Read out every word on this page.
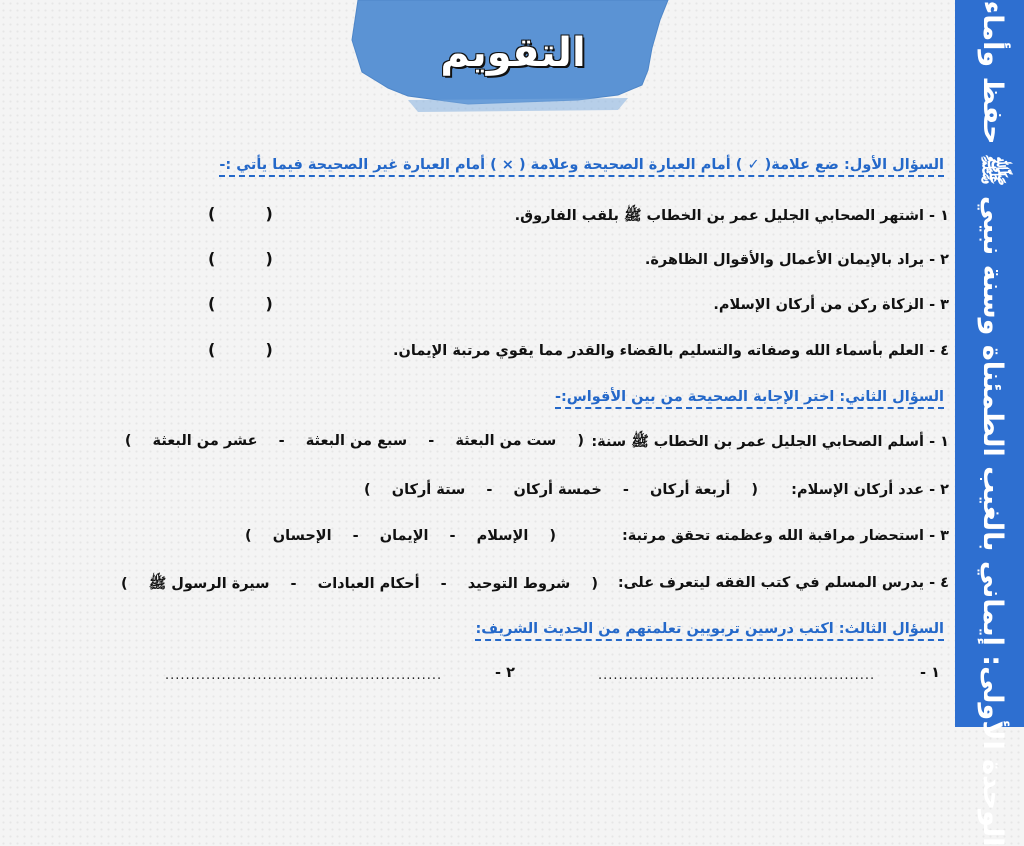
الوحدة الأولى: إيماني بالغيب الطمئناة وسنة نبيي ﷺ حفظ وأماء
التقويم
السؤال الأول: ضع علامة( ✓ ) أمام العبارة الصحيحة وعلامة ( × ) أمام العبارة غير الصحيحة فيما يأتي :-
١ - اشتهر الصحابي الجليل عمر بن الخطاب ﷺ بلقب الفاروق.
(         )
٢ - يراد بالإيمان الأعمال والأقوال الظاهرة.
(         )
٣ - الزكاة ركن من أركان الإسلام.
(         )
٤ - العلم بأسماء الله وصفاته والتسليم بالقضاء والقدر مما يقوي مرتبة الإيمان.
(         )
السؤال الثاني: اختر الإجابة الصحيحة من بين الأقواس:-
١ - أسلم الصحابي الجليل عمر بن الخطاب ﷺ سنة:
( ست من البعثة - سبع من البعثة - عشر من البعثة )
٢ - عدد أركان الإسلام:
( أربعة أركان - خمسة أركان - ستة أركان )
٣ - استحضار مراقبة الله وعظمته تحقق مرتبة:
( الإسلام - الإيمان - الإحسان )
٤ - يدرس المسلم في كتب الفقه ليتعرف على:
( شروط التوحيد - أحكام العبادات - سيرة الرسول ﷺ )
السؤال الثالث: اكتب درسين تربويين تعلمتهم من الحديث الشريف:
١ -
......................................................
٢ -
......................................................
